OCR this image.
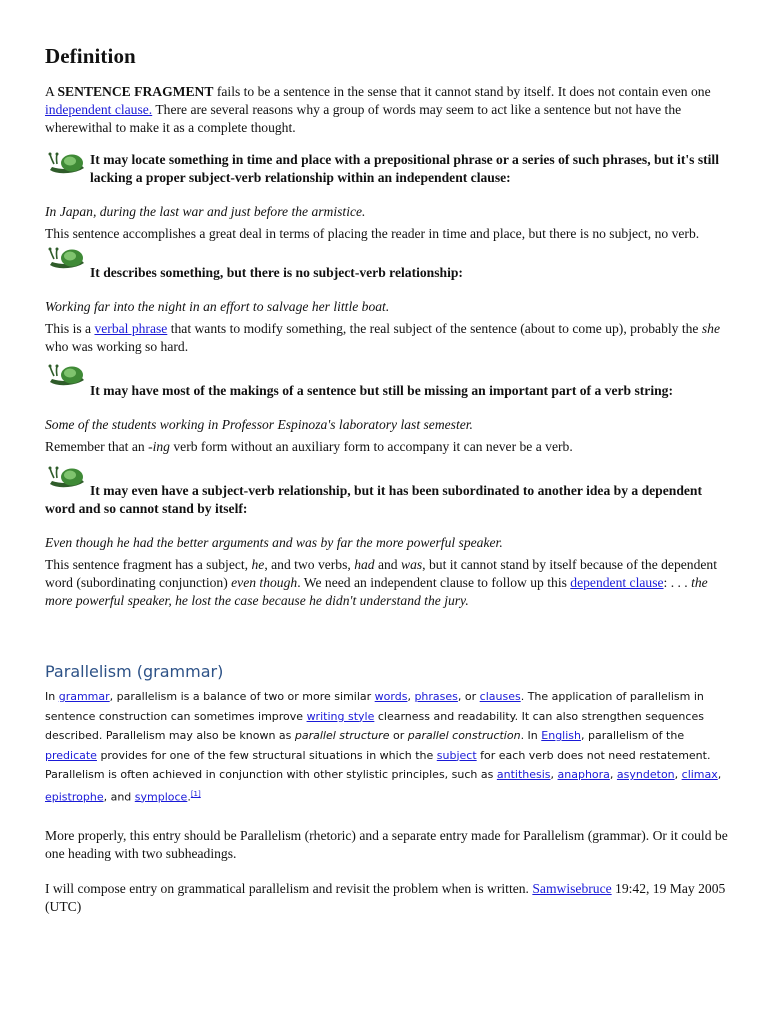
Definition

A SENTENCE FRAGMENT fails to be a sentence in the sense that it cannot stand by itself. It does not contain even one independent clause. There are several reasons why a group of words may seem to act like a sentence but not have the wherewithal to make it as a complete thought.

It may locate something in time and place with a prepositional phrase or a series of such phrases, but it's still lacking a proper subject-verb relationship within an independent clause:

In Japan, during the last war and just before the armistice.

This sentence accomplishes a great deal in terms of placing the reader in time and place, but there is no subject, no verb.

It describes something, but there is no subject-verb relationship:

Working far into the night in an effort to salvage her little boat.

This is a verbal phrase that wants to modify something, the real subject of the sentence (about to come up), probably the she who was working so hard.

It may have most of the makings of a sentence but still be missing an important part of a verb string:

Some of the students working in Professor Espinoza's laboratory last semester.

Remember that an -ing verb form without an auxiliary form to accompany it can never be a verb.

It may even have a subject-verb relationship, but it has been subordinated to another idea by a dependent word and so cannot stand by itself:

Even though he had the better arguments and was by far the more powerful speaker.

This sentence fragment has a subject, he, and two verbs, had and was, but it cannot stand by itself because of the dependent word (subordinating conjunction) even though. We need an independent clause to follow up this dependent clause: . . . the more powerful speaker, he lost the case because he didn't understand the jury.

Parallelism (grammar)

In grammar, parallelism is a balance of two or more similar words, phrases, or clauses. The application of parallelism in sentence construction can sometimes improve writing style clearness and readability. It can also strengthen sequences described. Parallelism may also be known as parallel structure or parallel construction. In English, parallelism of the predicate provides for one of the few structural situations in which the subject for each verb does not need restatement. Parallelism is often achieved in conjunction with other stylistic principles, such as antithesis, anaphora, asyndeton, climax, epistrophe, and symploce.[1]

More properly, this entry should be Parallelism (rhetoric) and a separate entry made for Parallelism (grammar). Or it could be one heading with two subheadings.

I will compose entry on grammatical parallelism and revisit the problem when is written. Samwisebruce 19:42, 19 May 2005 (UTC)
